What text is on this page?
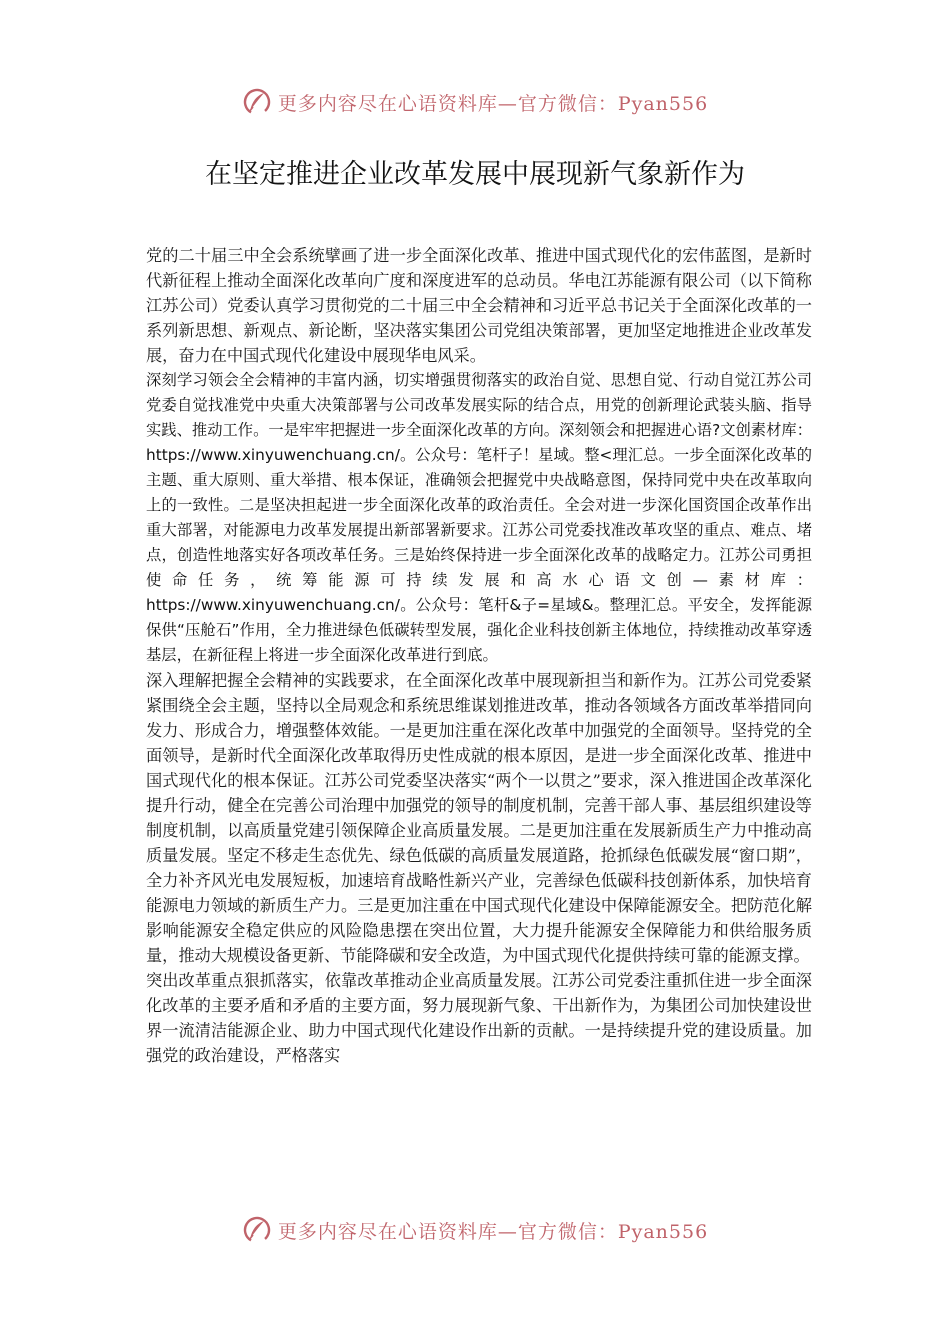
更多内容尽在心语资料库—官方微信：Pyan556
在坚定推进企业改革发展中展现新气象新作为

党的二十届三中全会系统擘画了进一步全面深化改革、推进中国式现代化的宏伟蓝图，是新时代新征程上推动全面深化改革向广度和深度进军的总动员。华电江苏能源有限公司（以下简称江苏公司）党委认真学习贯彻党的二十届三中全会精神和习近平总书记关于全面深化改革的一系列新思想、新观点、新论断，坚决落实集团公司党组决策部署，更加坚定地推进企业改革发展，奋力在中国式现代化建设中展现华电风采。

深刻学习领会全会精神的丰富内涵，切实增强贯彻落实的政治自觉、思想自觉、行动自觉江苏公司党委自觉找准党中央重大决策部署与公司改革发展实际的结合点，用党的创新理论武装头脑、指导实践、推动工作。一是牢牢把握进一步全面深化改革的方向。深刻领会和把握进心语?文创素材库：https://www.xinyuwenchuang.cn/。公众号：笔杆子！星域。整<理汇总。一步全面深化改革的主题、重大原则、重大举措、根本保证，准确领会把握党中央战略意图，保持同党中央在改革取向上的一致性。二是坚决担起进一步全面深化改革的政治责任。全会对进一步深化国资国企改革作出重大部署，对能源电力改革发展提出新部署新要求。江苏公司党委找准改革攻坚的重点、难点、堵点，创造性地落实好各项改革任务。三是始终保持进一步全面深化改革的战略定力。江苏公司勇担使命任务，统筹能源可持续发展和高水心语文创—素材库：https://www.xinyuwenchuang.cn/。公众号：笔杆&子=星域&。整理汇总。平安全，发挥能源保供“压舱石”作用，全力推进绿色低碳转型发展，强化企业科技创新主体地位，持续推动改革穿透基层，在新征程上将进一步全面深化改革进行到底。

深入理解把握全会精神的实践要求，在全面深化改革中展现新担当和新作为。江苏公司党委紧紧围绕全会主题，坚持以全局观念和系统思维谋划推进改革，推动各领域各方面改革举措同向发力、形成合力，增强整体效能。一是更加注重在深化改革中加强党的全面领导。坚持党的全面领导，是新时代全面深化改革取得历史性成就的根本原因，是进一步全面深化改革、推进中国式现代化的根本保证。江苏公司党委坚决落实“两个一以贯之”要求，深入推进国企改革深化提升行动，健全在完善公司治理中加强党的领导的制度机制，完善干部人事、基层组织建设等制度机制，以高质量党建引领保障企业高质量发展。二是更加注重在发展新质生产力中推动高质量发展。坚定不移走生态优先、绿色低碳的高质量发展道路，抢抓绿色低碳发展“窗口期”，全力补齐风光电发展短板，加速培育战略性新兴产业，完善绿色低碳科技创新体系，加快培育能源电力领域的新质生产力。三是更加注重在中国式现代化建设中保障能源安全。把防范化解影响能源安全稳定供应的风险隐患摆在突出位置，大力提升能源安全保障能力和供给服务质量，推动大规模设备更新、节能降碳和安全改造，为中国式现代化提供持续可靠的能源支撑。

突出改革重点狠抓落实，依靠改革推动企业高质量发展。江苏公司党委注重抓住进一步全面深化改革的主要矛盾和矛盾的主要方面，努力展现新气象、干出新作为，为集团公司加快建设世界一流清洁能源企业、助力中国式现代化建设作出新的贡献。一是持续提升党的建设质量。加强党的政治建设，严格落实

更多内容尽在心语资料库—官方微信：Pyan556
